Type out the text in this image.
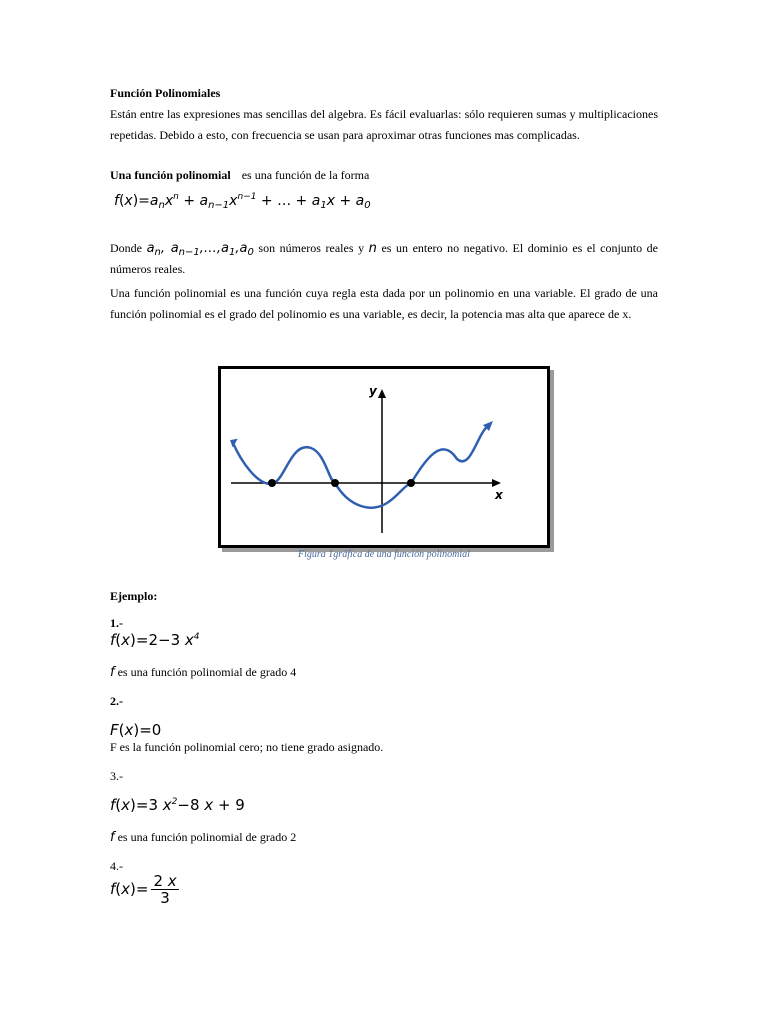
Función Polinomiales
Están entre las expresiones mas sencillas del algebra. Es fácil evaluarlas: sólo requieren sumas y multiplicaciones repetidas. Debido a esto, con frecuencia se usan para aproximar otras funciones mas complicadas.
Una función polinomial es una función de la forma
$f(x)=a_nx^n + a_{n-1}x^{n-1}$ + … + $a_1x + a_0$
Donde $a_n$, $a_{n-1},\dots,a_1,a_0$ son números reales y n es un entero no negativo. El dominio es el conjunto de números reales.
Una función polinomial es una función cuya regla esta dada por un polinomio en una variable. El grado de una función polinomial es el grado del polinomio es una variable, es decir, la potencia mas alta que aparece de x.
y
x
Figura 1gráfica de una función polinomial
Ejemplo:
1.-
f(x)=2−3 $x^4$
f es una función polinomial de grado 4
2.-
F(x)=0
F es la función polinomial cero; no tiene grado asignado.
3.-
f(x)=3 $x^2-8$ x + 9
f es una función polinomial de grado 2
4.-
$f(x)= \frac{2 x}{3}$
